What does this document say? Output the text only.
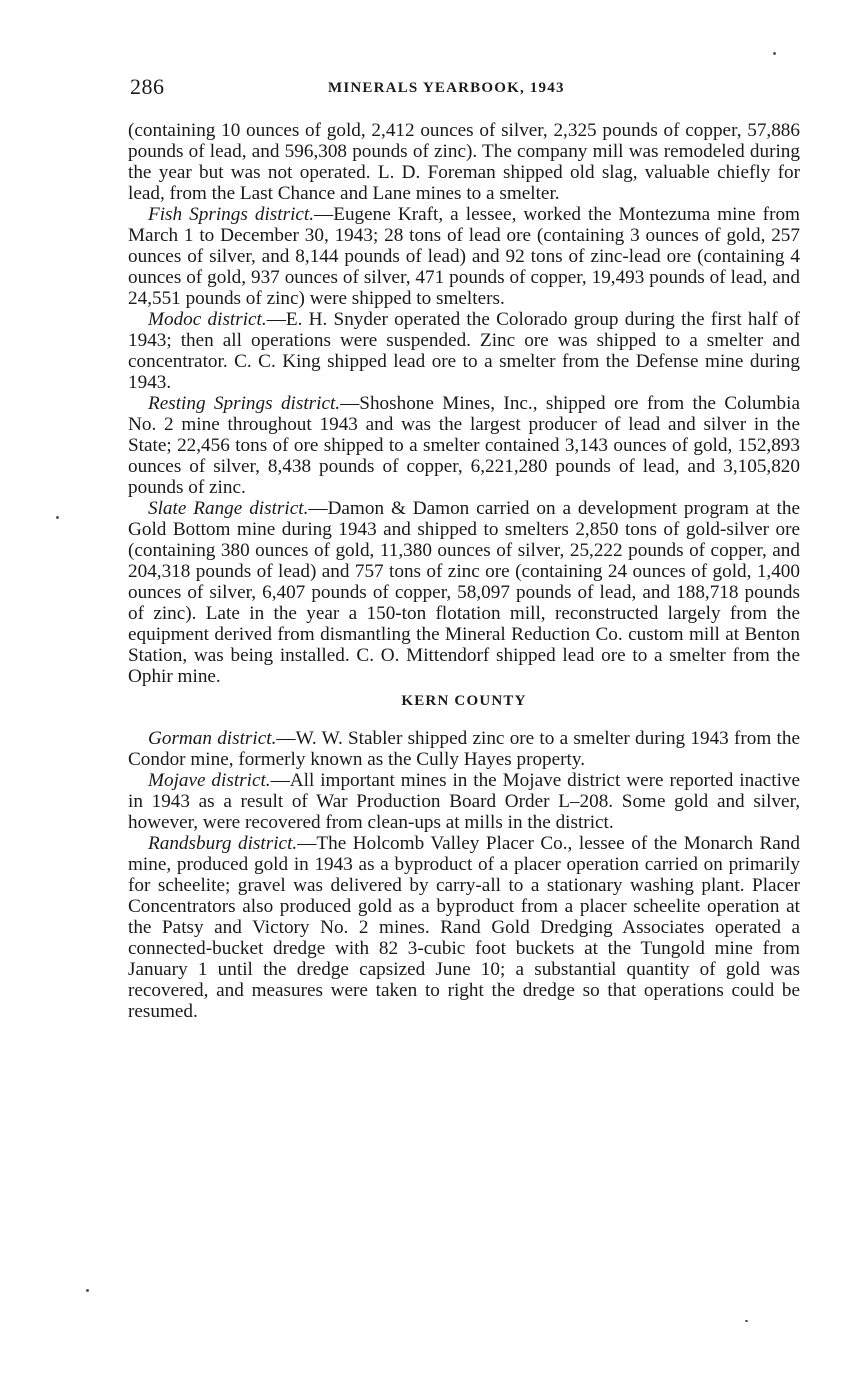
286	MINERALS YEARBOOK, 1943

(containing 10 ounces of gold, 2,412 ounces of silver, 2,325 pounds of copper, 57,886 pounds of lead, and 596,308 pounds of zinc). The company mill was remodeled during the year but was not operated. L. D. Foreman shipped old slag, valuable chiefly for lead, from the Last Chance and Lane mines to a smelter.

Fish Springs district.—Eugene Kraft, a lessee, worked the Montezuma mine from March 1 to December 30, 1943; 28 tons of lead ore (containing 3 ounces of gold, 257 ounces of silver, and 8,144 pounds of lead) and 92 tons of zinc-lead ore (containing 4 ounces of gold, 937 ounces of silver, 471 pounds of copper, 19,493 pounds of lead, and 24,551 pounds of zinc) were shipped to smelters.

Modoc district.—E. H. Snyder operated the Colorado group during the first half of 1943; then all operations were suspended. Zinc ore was shipped to a smelter and concentrator. C. C. King shipped lead ore to a smelter from the Defense mine during 1943.

Resting Springs district.—Shoshone Mines, Inc., shipped ore from the Columbia No. 2 mine throughout 1943 and was the largest producer of lead and silver in the State; 22,456 tons of ore shipped to a smelter contained 3,143 ounces of gold, 152,893 ounces of silver, 8,438 pounds of copper, 6,221,280 pounds of lead, and 3,105,820 pounds of zinc.

Slate Range district.—Damon & Damon carried on a development program at the Gold Bottom mine during 1943 and shipped to smelters 2,850 tons of gold-silver ore (containing 380 ounces of gold, 11,380 ounces of silver, 25,222 pounds of copper, and 204,318 pounds of lead) and 757 tons of zinc ore (containing 24 ounces of gold, 1,400 ounces of silver, 6,407 pounds of copper, 58,097 pounds of lead, and 188,718 pounds of zinc). Late in the year a 150-ton flotation mill, reconstructed largely from the equipment derived from dismantling the Mineral Reduction Co. custom mill at Benton Station, was being installed. C. O. Mittendorf shipped lead ore to a smelter from the Ophir mine.

KERN COUNTY

Gorman district.—W. W. Stabler shipped zinc ore to a smelter during 1943 from the Condor mine, formerly known as the Cully Hayes property.

Mojave district.—All important mines in the Mojave district were reported inactive in 1943 as a result of War Production Board Order L–208. Some gold and silver, however, were recovered from clean-ups at mills in the district.

Randsburg district.—The Holcomb Valley Placer Co., lessee of the Monarch Rand mine, produced gold in 1943 as a byproduct of a placer operation carried on primarily for scheelite; gravel was delivered by carry-all to a stationary washing plant. Placer Concentrators also produced gold as a byproduct from a placer scheelite operation at the Patsy and Victory No. 2 mines. Rand Gold Dredging Associates operated a connected-bucket dredge with 82 3-cubic foot buckets at the Tungold mine from January 1 until the dredge capsized June 10; a substantial quantity of gold was recovered, and measures were taken to right the dredge so that operations could be resumed.
